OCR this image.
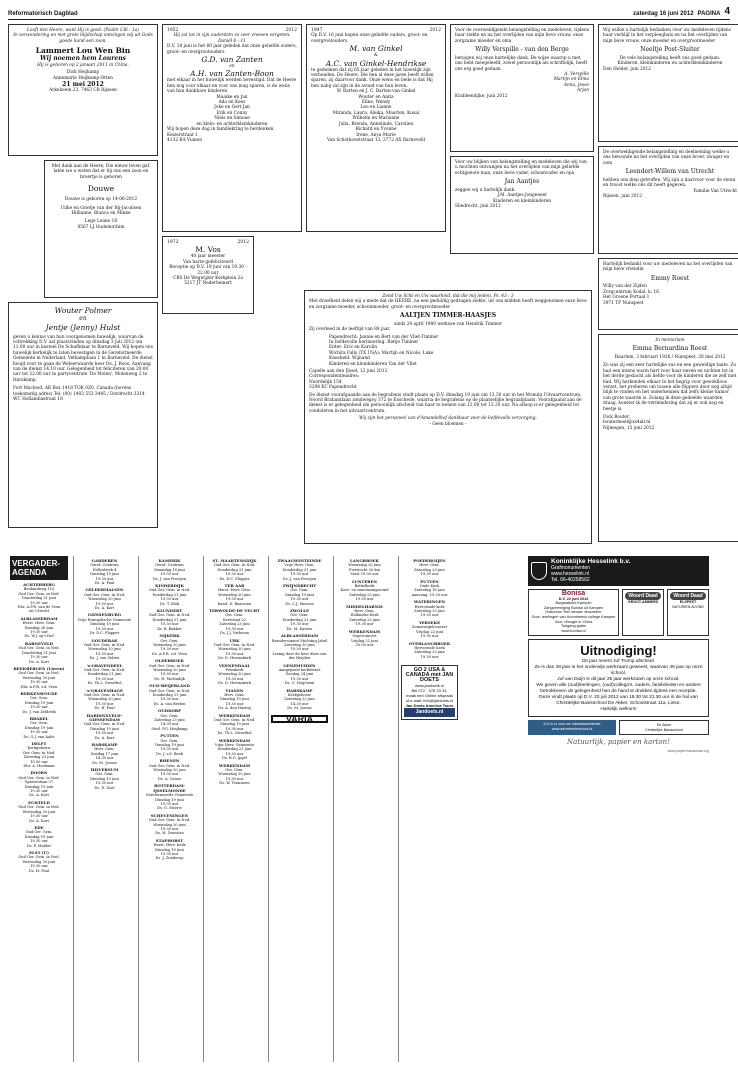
Reformatorisch Dagblad	zaterdag 16 juni 2012 PAGINA 4
Looft den Heere, want Hij is goed. (Psalm 136 : 1a)
In verwondering en met grote blijdschap ontvingen wij uit Gods goede hand een zoon.
Lammert Lou Wen Bin
Wij noemen hem Lourens
Hij is geboren op 2 januari 2011 in China.
Dick Heijkamp
Annemarie Heijkamp-Otten
21 mei 2012
Arkeheem 23, 7463 CR Rijssen
Met dank aan de Heere, Die nieuw leven gaf, laten we u weten dat er bij ons een zoon en broertje is geboren
Douwe
Douwe is geboren op 14-06-2012
Uilke en Grietje van der Bij-Jacobsen
Hillianne, Bianca en Minke
Lege Leane 18
8567 LJ Oudemirdum
Wouter Polmer
en
Jentje (Jenny) Hulst
geven u kennis van hun voorgenomen huwelijk, waarvan de voltrekking D.V. zal plaatsvinden op dinsdag 3 juli 2012 om 11.00 uur in kasteel De Schaffelaar te Barneveld. Wij hopen ons huwelijk kerkelijk te laten bevestigen in de Gereformeerde Gemeente in Nederland, Vetkamplaan 1 te Barneveld. De dienst hoopt voor te gaan de Weleerwaarde heer Ds. J. Roos. Aanvang van de dienst 14.10 uur. Gelegenheid tot feliciteren van 20.00 uur tot 22.00 uur in partycentrum 'De Molen', Molenweg 2 te Harskamp.
Fort Macleod, AB Box 1418 TOK 0Z0, Canada (bovens toekomstig adres) Tel. (00) 1403 553 3445 / Dordrecht 3314 WC Hollandiastraat 18
1952	2012
Hij zal tot in zijn ouderdom zo zeer vreesen vergeten. Daniël 6 : 11
D.V. 18 juni is het 60 jaar geleden dat onze geliefde ouders, groot- en overgrootouders
G.D. van Zanten
en
A.H. van Zanten-Boon
met elkaar in het huwelijk werden bevestigd. Dat de Heere hen nog voor elkaar en voor ons mag sparen, is de wens van hun dankbare kinderen
Maaike en Jan
Ada en Kees
Joke en Gert Jan
Erik en Conny
Niels en Simone
en klein- en achterkleinkinderen
Wij hopen deze dag in familiekring te herdenken.
Keizerstraat 1
4132 BA Vianen
1972	2012
M. Vos
40 jaar meester
Van harte gefeliciteerd
Receptie op D.V. 19 juni van 19.30 - 22.00 uur
CBS De Wegwijzer Kerkplein 2a 5217 JT Nederhemert
1947	2012
Op D.V. 16 juni hopen onze geliefde ouders, groot- en overgrootouders
M. van Ginkel
&
A.C. van Ginkel-Hendrikse
te gedenken dat zij 65 jaar geleden in het huwelijk zijn verbonden. De Heere, Die hen al deze jaren beeft willen sparen, zij daarvoor dank. Onze wens en bede is dat Hij hen nabij zal zijn in de avond van hun leven.
W. Barten en J. C. Barten-van Ginkel
Wouter en Anita
Eline, Wendy
Leo en Lianne
Miranda, Laura, Aleika, Maarten, Kusai
Wilhelm en Marianne
Julia, Brenda, Annelinde, Carolien
Richard en Yvonne
Irene, Anya-Marie
Van Schothoeststraat 13, 3772 AX Barneveld
Voor de overweldigende belangstelling en medeleven, tijdens haar ziekte en na het overlijden van mijn lieve vrouw, onze zorgzame moeder en oma
Willy Verspille - van den Berge
betuigen wij onze hartelijke dank. De wijze waarop u met ons hebt meegeleefd, zowel persoonlijk als schriftelijk, heeft ons erg goed gedaan.
A. Verspille
Martijn en Elma
Anna, Jesse
Arjan
Krabbendijke, juni 2012
Voor uw blijken van belangstelling en medeleven die wij van u mochten ontvangen na het overlijden van mijn geliefde echtgenote man, onze lieve vader, schoonvader en opa
Jan Aantjes
zeggen wij u hartelijk dank.
J.M. Aantjes-Jongeneel
Kinderen en kleinkinderen
Sliedrecht, juni 2012
Wij willen u hartelijk bedanken voor uw medeleven tijdens haar verblijf in het verpleeghuis en na het overlijden van mijn lieve vrouw, onze moeder en overgrootmoeder
Neeltje Post-Sluiter
De vele belangstelling heeft ons goed gedaan.
Kinderen, kleinkinderen en achterkleinkinderen
Den Helder, juni 2012
De overweldigende belangstelling en deelneming welke u ons betoonde na het overlijden van onze broer, zwager en oom
Leendert-Willem van Utrecht
hebben ons diep getroffen. Wij zijn u daarvoor voor de steun en troost welke ons dit heeft gegeven.
Familie Van Utrecht
Rijssen, juni 2012
Hartelijk bedankt voor uw medeleven na het overlijden van mijn lieve vriendin
Emmy Roest
Willy van der Zijden
Zorgcentrum Kodal, k. 16
Het Groene Portaal 1
3971 TP Nunspeet
In memoriam
Emma Bernardina Roest
Haarlem, 3 februari 1926 / Nunspeet, 28 mei 2012
Zo was zij een zeer hartelijke zus en een geweldige tante. Zo had een intens warm hart voor haar neven en nichten tot in het derde geslacht als liefde voor de kinderen die ze zelf niet had. Wij herkenden elkaar in het begrip voor geweldloos verzet, het proberen om tussen alle flippers door nog altijd blijk te vinden en het onderkennen dat zelfs kleine humor van grote waarde is. Zolang ik deze gedeelde waarden draag, koester ik de vermindering dat zij er ook nog en beetje is.
Dick Bouter,
boutermeel@xs4all.nl
Nijmegen, 15 juni 2012
Zend Uw licht en Uw waarheid, dat die mij leiden. Ps. 43 : 3
Met droefheid delen wij u mede dat de HEERE, na een geduldig gedragen ziekte, uit ons midden heeft weggenomen onze lieve en zorgzame moeder, schoonmoeder, groot- en overgrootmoeder
AALTJEN TIMMER-HAASJES
sinds 24 april 1980 weduwe van Hendrik Timmer
Zij overleed in de leeftijd van 88 jaar.
Papendrecht: Jannie en Bert van der Vliet-Timmer
In liefdevolle herinnering: Rietje Timmer
Enter: Eric en Karolin
Wichita Falls (TX USA): Martijn en Nicole, Luke
Knesheld: Wijnand
Kinderen en kleinkinderen Van der Vliet
Capelle aan den IJssel, 12 juni 2012
Correspondentieadres:
Noordelijk 154
3298 KC Papendrecht
De dienst voorafgaande aan de begrafenis vindt plaats op D.V. dinsdag 19 juni om 13.30 uur in het Monuta Uitvaartcentrum, Noord Brabantlaan zondwegoy 372 te Enschede, waarna de begrafenis op de plaatselijke begraafplaats. Voorafgaand aan de dienst is er gelegenheid om persoonlijk afscheid van haar te nemen van 12.00 tot 13.20 uur. Na afloop is er gelegenheid tot condoleren in het uitvaartcentrum.
Wij zijn het personeel van d'Amandelhof dankbaar voor de liefdevolle verzorging.
- Geen bloemen -
VERGADER-AGENDA
ACHTERBERG
Beulandweg 110
Oud Ger. Gem. in Ned.
Donderdag 21 juni
19.30 uur
Dhr. A.F.R. van de Veen
uit Utrecht
ALBLASSERDAM
Herst. Herv. Gem.
Dinsdag 26 juni
19.30 uur
Ds. W.J. op't Hof
BARNEVELD
Oud Ger. Gem. in Ned.
Donderdag 21 juni
19.30 uur
Ds. A. Kort
BEEKBERGEN (Lieren)
Oud Ger. Gem. in Ned.
Woensdag 20 juni
19.30 uur
Dhr. A.F.R. v.d. Veen
BERKENWOUDE
Ger. Gem.
Dinsdag 19 juni
19.30 uur
Ds. J. van Zelderik
BRAKEL
Ger. Gem.
Dinsdag 19 juni
19.30 uur
Ds. G.J. van Aalst
DELFT
Kerkgebouw
Ger. Gem. in Ned.
Zaterdag 23 juni
19.00 uur
Dhr. A. Hoekman
DOORN
Oud Ger. Gem. in Ned.
Sparrenlaan 37
Dinsdag 19 juni
19.30 uur
Ds. A. Kort
ECHTELD
Oud Ger. Gem. in Ned.
Woensdag 20 juni
19.30 uur
Ds. A. Kort
EDE
Oud Ger. Gem.
Dinsdag 19 juni
19.30 uur
Ds. P. Mulder
ELST (U)
Oud Ger. Gem. in Ned.
Woensdag 20 juni
19.30 uur
Ds. H. Paul
GARDEREN
Geref. Centrum
Hollesbeek 4
Dinsdag 19 juni
19.30 uur
Ds. A. Paul
GELDERMALSEN
Oud Ger. Gem. in Ned.
Woensdag 20 juni
19.30 uur
Ds. A. Kort
GIESSENBURG
Vrije Evangelische Gemeente
Dinsdag 19 juni
19.30 uur
Dr. D.C. Flapper
GOUDERAK
Oud Ger. Gem. in Ned.
Woensdag 20 juni
19.30 uur
Ds. J. van Velzen
's-GRAVENDEEL
Oud Ger. Gem. in Ned.
Donderdag 21 juni
19.30 uur
Ds. Th.L. Zwartbol
's-GRAVENHAGE
Oud Ger. Gem. in Ned.
Woensdag 20 juni
19.30 uur
Ds. H. Paul
HARDINXVELD-GIESSENDAM
Oud Ger. Gem. in Ned.
Dinsdag 19 juni
19.30 uur
Ds. A. Kort
HARSKAMP
Herv. Gem.
Zondag 17 juni
14.30 uur
Ds. M. Joosse
HILVERSUM
Ger. Gem.
Dinsdag 19 juni
19.30 uur
Ds. D. Zoet
KAMERIK
Geref. Centrum
Maandag 18 juni
19.30 uur
Ds. J. van Prooijen
KINDERDIJK
Oud Ger. Gem. in Ned.
Donderdag 21 juni
19.30 uur
Ds. T. Klok
KLUNDERT
Oud Ger. Gem. in Ned.
Donderdag 21 juni
19.30 uur
Dr. R. Bakker
NIJKERK
Ger. Gem.
Woensdag 20 juni
19.30 uur
Ds. A.F.R. v.d. Veen
OLDEBROEK
Oud Ger. Gem. in Ned.
Woensdag 20 juni
19.30 uur
Ds. H. Molendijk
OUD-BEIJERLAND
Oud Ger. Gem. in Ned.
Donderdag 21 juni
19.30 uur
Ds. A. van Beelen
OUDDORP
Ger. Gem.
Zaterdag 23 juni
14.30 uur
Stud. P.G. Heijkamp
PUTTEN
Ger. Gem.
Dinsdag 19 juni
19.30 uur
Ds. J. v.d. Beek
RHENEN
Oud Ger. Gem. in Ned.
Woensdag 20 juni
19.30 uur
Ds. A. Geuze
ROTTERDAM-IJSSELMONDE
Gereformeerde Gemeente
Dinsdag 19 juni
19.30 uur
Ds. G. Moerw
SCHEVENINGEN
Oud Ger. Gem. in Ned.
Woensdag 20 juni
19.30 uur
Ds. H. Zweistra
STAPHORST
Herst. Herv. Kerk
Dinsdag 19 juni
19.30 uur
Ds. J. Zonderop
ST. MAARTENSDIJK
Oud Ger. Gem. in Ned.
Donderdag 21 juni
19.30 uur
Ds. D.C. Flapper
TER AAR
Herst. Herv. Gem.
Woensdag 20 juni
19.30 uur
Kand. D. Baarssen
TERWOLDE-DE VECHT
Ger. Gem.
Kerstraat 22
Zaterdag 23 juni
19.30 uur
Ds. J.J. Verboom
URK
Oud Ger. Gem. in Ned.
Woensdag 20 juni
19.30 uur
Ds. D. Heemskerk
VEENENDAAL
Petrakerk
Woensdag 20 juni
19.30 uur
Ds. D. Heemskerk
VIANEN
Herv. Gem.
Dinsdag 19 juni
19.30 uur
Ds. A. den Hartog
WERKENDAM
Oud Ger. Gem. in Ned.
Dinsdag 19 juni
19.30 uur
Ds. Th.L. Zwartbol
WERKENDAM
Vrije Herv. Gemeente
Donderdag 21 juni
19.30 uur
Ds. B.G. Ippel
WERKENDAM
Ger. Gem.
Woensdag 20 juni
19.30 uur
Ds. W. Teunissen
ZWAAGWESTEINDE
Vrije Herv. Gem.
Donderdag 21 juni
19.30 uur
Ds. J. van Prooijen
ZWIJNDRECHT
Ger. Gem.
Dinsdag 19 juni
19.30 uur
Ds. C.J. Meeuse
ZWOLLE
Ger. Gem.
Donderdag 21 juni
19.30 uur
Ds. M. Karens
ALBLASSERDAM
Brandersonnet Stichting Jabel
Zaterdag 30 juni
19.30 uur
Lezing door de heer Kees van der Heijden
GENEMUIDEN
Aangepaste kerkdienst
Zondag 24 juni
19.30 uur
Ds. C. Hogchem
HARSKAMP
Kerkgebouw
Zaterdag 23 juni
14.30 uur
Ds. M. Joosse
VARIA
LANGBROEK
Woensdag 20 juni
Fietstocht 20 km
Start 19.00 uur
LUNTEREN
Bethelkerk
Koor- en samenzangavond
Zaterdag 23 juni
19.30 uur
MIDDELHARNIS
Herv. Gem.
Hollandse Kerk
Zaterdag 23 juni
19.30 uur
WERKENDAM
Orgelconcert
Vrijdag 22 juni
20.00 uur
POEDEROIJEN
Herv. Gem.
Zaterdag 23 juni
19.30 uur
PUTTEN
Oude Kerk
Zaterdag 16 juni
Aanvang: 19.30 uur
WATERINGEN
Hervormde kerk
Zaterdag 23 juni
19.30 uur
YERSEKE
Zomerorgelconcert
Vrijdag 22 juni
19.30 uur
OVERLANGBROEK
Hervormde Kerk
Zaterdag 23 juni
19.30 uur
GO 2 USA & CANADA met JAN DOETS
www.jandoets.nl
Bel 072 - 575 33 33,
maak een Online afspraak of e-mail: info@jandoets.nl
Jan Doets America Tours
Jandoets.nl
Koninklijke Hesselink b.v.
Grafmonumenten
www.hesselink.nl
Tel. 06-40258562
Bonisa
D.V. 22 juni 2012
Burgwalkerk Kampen
Zangvereniging Bonisa uit Kampen
Oratorium 'Het nieuwe Jeruzalem'
Door: leerlingen van Hoornbeeck college Kampen
Voor: droogte in China
Toegang gratis
www.bonisa.nl
Woord Daad
GROOT-AMMERS
Woord Daad
ELSPEET
NATURIËN-AVOND
Uitnodiging!
Dit jaar neemt Juf Tromp afscheid.
Ze is dan 48 jaar in het onderwijs werkzaam geweest, waarvan 46 jaar op onze school.
Juf van Duijn is dit jaar 25 jaar werkzaam op onze school.
We geven alle (oud)leerlingen, (oud)collega's, ouders, familieleden en andere betrokkenen de gelegenheid hen de hand te drukken tijdens een receptie.
Deze vindt plaats op D.V. 20 juli 2012 van 19.30 tot 21.30 uur in de hal van Christelijke Basisschool De Akker, Schoolstraat 11a, Lisse.
Hartelijk welkom!
ILG is er voor uw rubriekadvertentie
www.advertentieschool.nl
De Akker
Christelijke Basisschool
Natuurlijk, papier en karton!
www.papiermaniamaat.org
